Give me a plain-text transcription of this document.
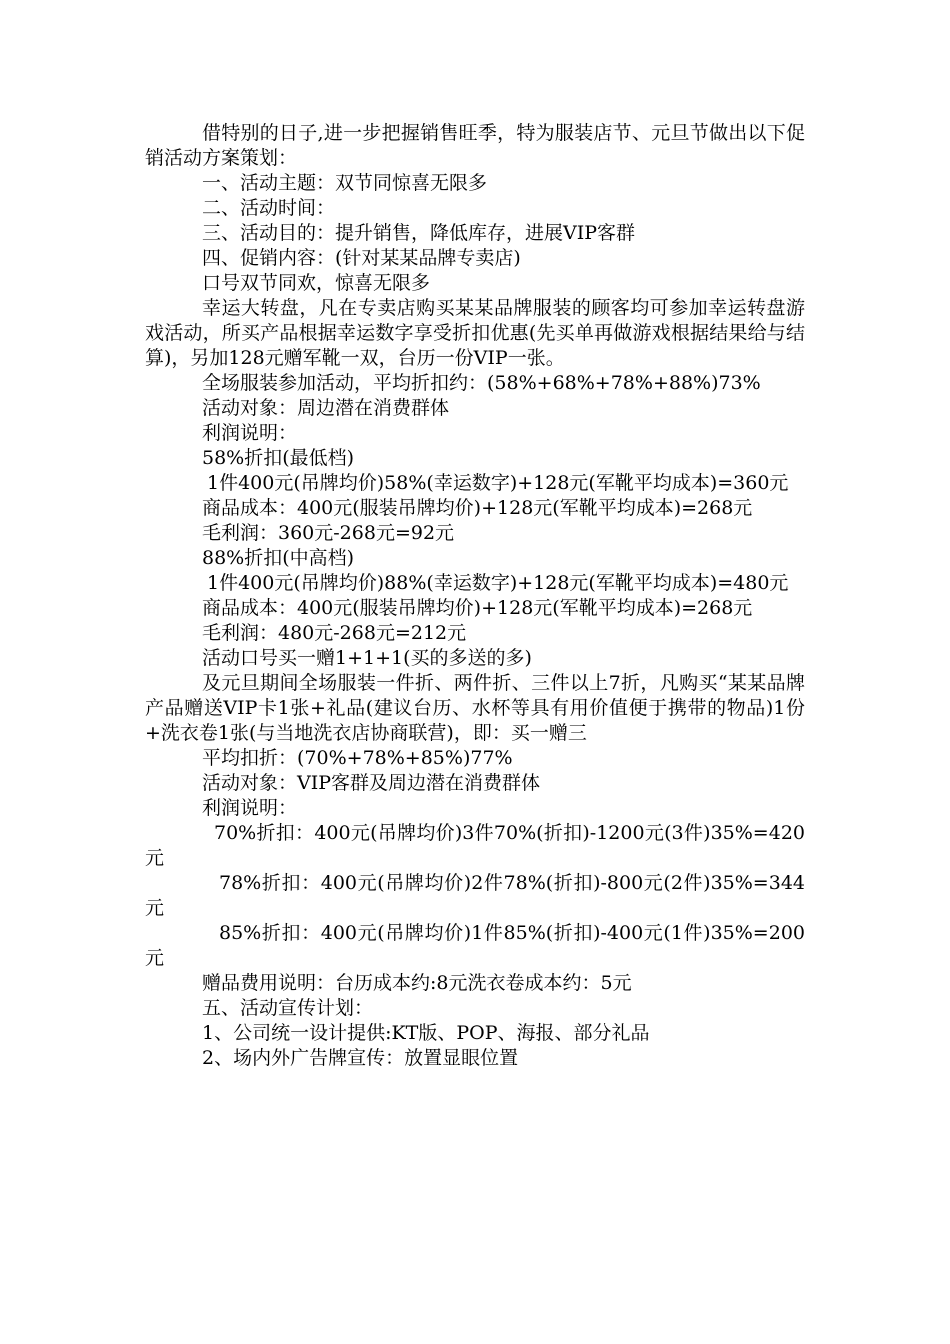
借特别的日子,进一步把握销售旺季，特为服装店节、元旦节做出以下促销活动方案策划：

一、活动主题：双节同惊喜无限多

二、活动时间：

三、活动目的：提升销售，降低库存，进展VIP客群

四、促销内容：(针对某某品牌专卖店)

口号双节同欢，惊喜无限多

幸运大转盘，凡在专卖店购买某某品牌服装的顾客均可参加幸运转盘游戏活动，所买产品根据幸运数字享受折扣优惠(先买单再做游戏根据结果给与结算)，另加128元赠军靴一双，台历一份VIP一张。

全场服装参加活动，平均折扣约：(58%+68%+78%+88%)73%

活动对象：周边潜在消费群体

利润说明：

58%折扣(最低档)

1件400元(吊牌均价)58%(幸运数字)+128元(军靴平均成本)=360元

商品成本：400元(服装吊牌均价)+128元(军靴平均成本)=268元

毛利润：360元-268元=92元

88%折扣(中高档)

1件400元(吊牌均价)88%(幸运数字)+128元(军靴平均成本)=480元

商品成本：400元(服装吊牌均价)+128元(军靴平均成本)=268元

毛利润：480元-268元=212元

活动口号买一赠1+1+1(买的多送的多)

及元旦期间全场服装一件折、两件折、三件以上7折，凡购买“某某品牌产品赠送VIP卡1张+礼品(建议台历、水杯等具有用价值便于携带的物品)1份+洗衣卷1张(与当地洗衣店协商联营)，即：买一赠三

平均扣折：(70%+78%+85%)77%

活动对象：VIP客群及周边潜在消费群体

利润说明：

70%折扣：400元(吊牌均价)3件70%(折扣)-1200元(3件)35%=420元

78%折扣：400元(吊牌均价)2件78%(折扣)-800元(2件)35%=344元

85%折扣：400元(吊牌均价)1件85%(折扣)-400元(1件)35%=200元

赠品费用说明：台历成本约:8元洗衣卷成本约：5元

五、活动宣传计划：

1、公司统一设计提供:KT版、POP、海报、部分礼品

2、场内外广告牌宣传：放置显眼位置
